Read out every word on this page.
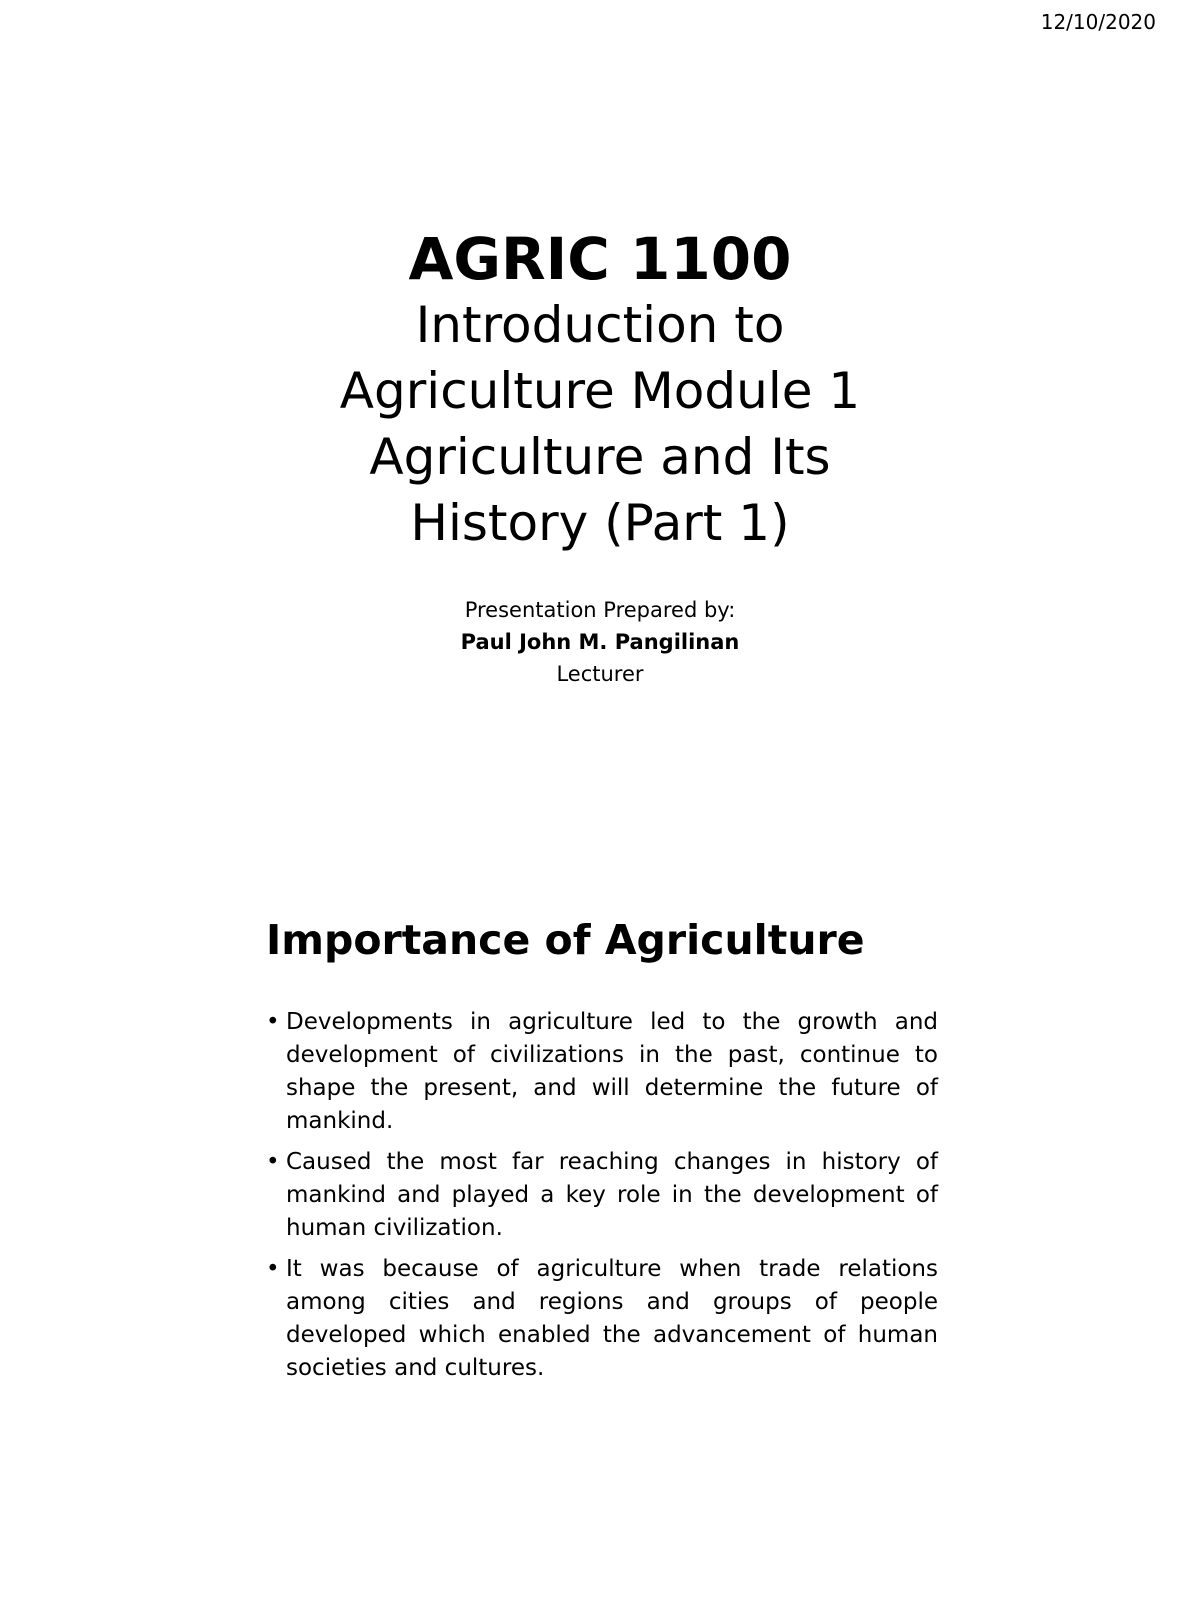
12/10/2020

AGRIC 1100

Introduction to

Agriculture Module 1

Agriculture and Its

History (Part 1)

Presentation Prepared by:
Paul John M. Pangilinan
Lecturer
Importance of Agriculture
• Developments in agriculture led to the growth and development of civilizations in the past, continue to shape the present, and will determine the future of mankind.
• Caused the most far reaching changes in history of mankind and played a key role in the development of human civilization.
• It was because of agriculture when trade relations among cities and regions and groups of people developed which enabled the advancement of human societies and cultures.
